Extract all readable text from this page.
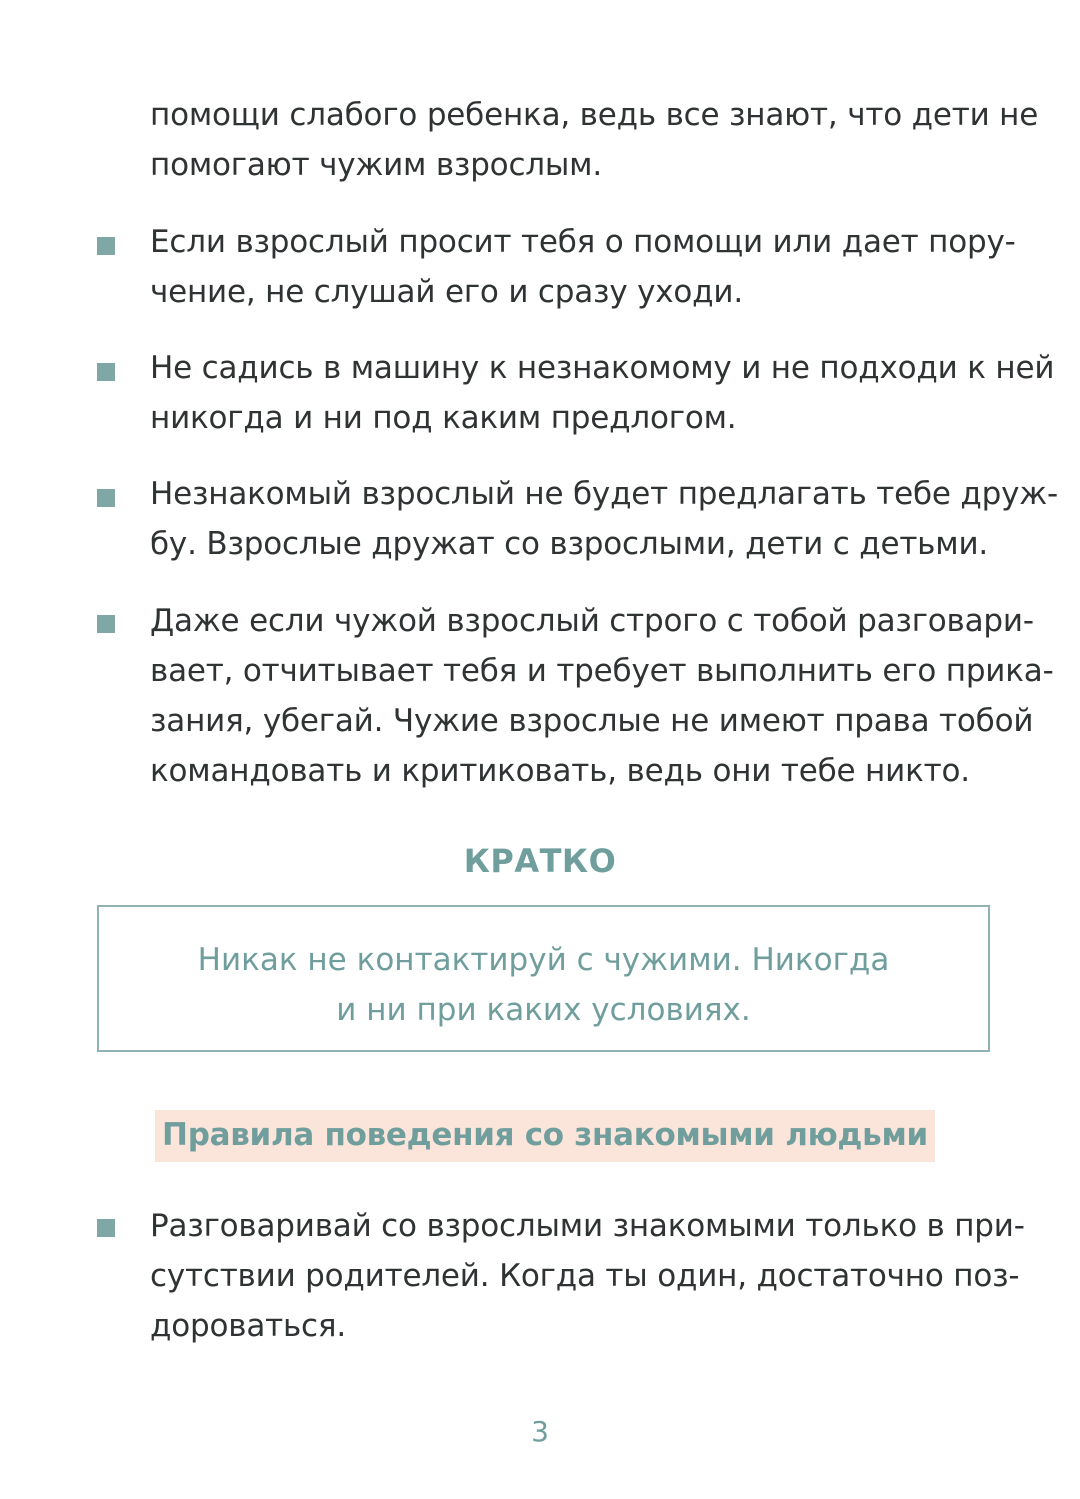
помощи слабого ребенка, ведь все знают, что дети не
помогают чужим взрослым.
Если взрослый просит тебя о помощи или дает пору-
чение, не слушай его и сразу уходи.
Не садись в машину к незнакомому и не подходи к ней
никогда и ни под каким предлогом.
Незнакомый взрослый не будет предлагать тебе друж-
бу. Взрослые дружат со взрослыми, дети с детьми.
Даже если чужой взрослый строго с тобой разговари-
вает, отчитывает тебя и требует выполнить его прика-
зания, убегай. Чужие взрослые не имеют права тобой
командовать и критиковать, ведь они тебе никто.
КРАТКО
Никак не контактируй с чужими. Никогда
и ни при каких условиях.
Правила поведения со знакомыми людьми
Разговаривай со взрослыми знакомыми только в при-
сутствии родителей. Когда ты один, достаточно поз-
дороваться.
3
